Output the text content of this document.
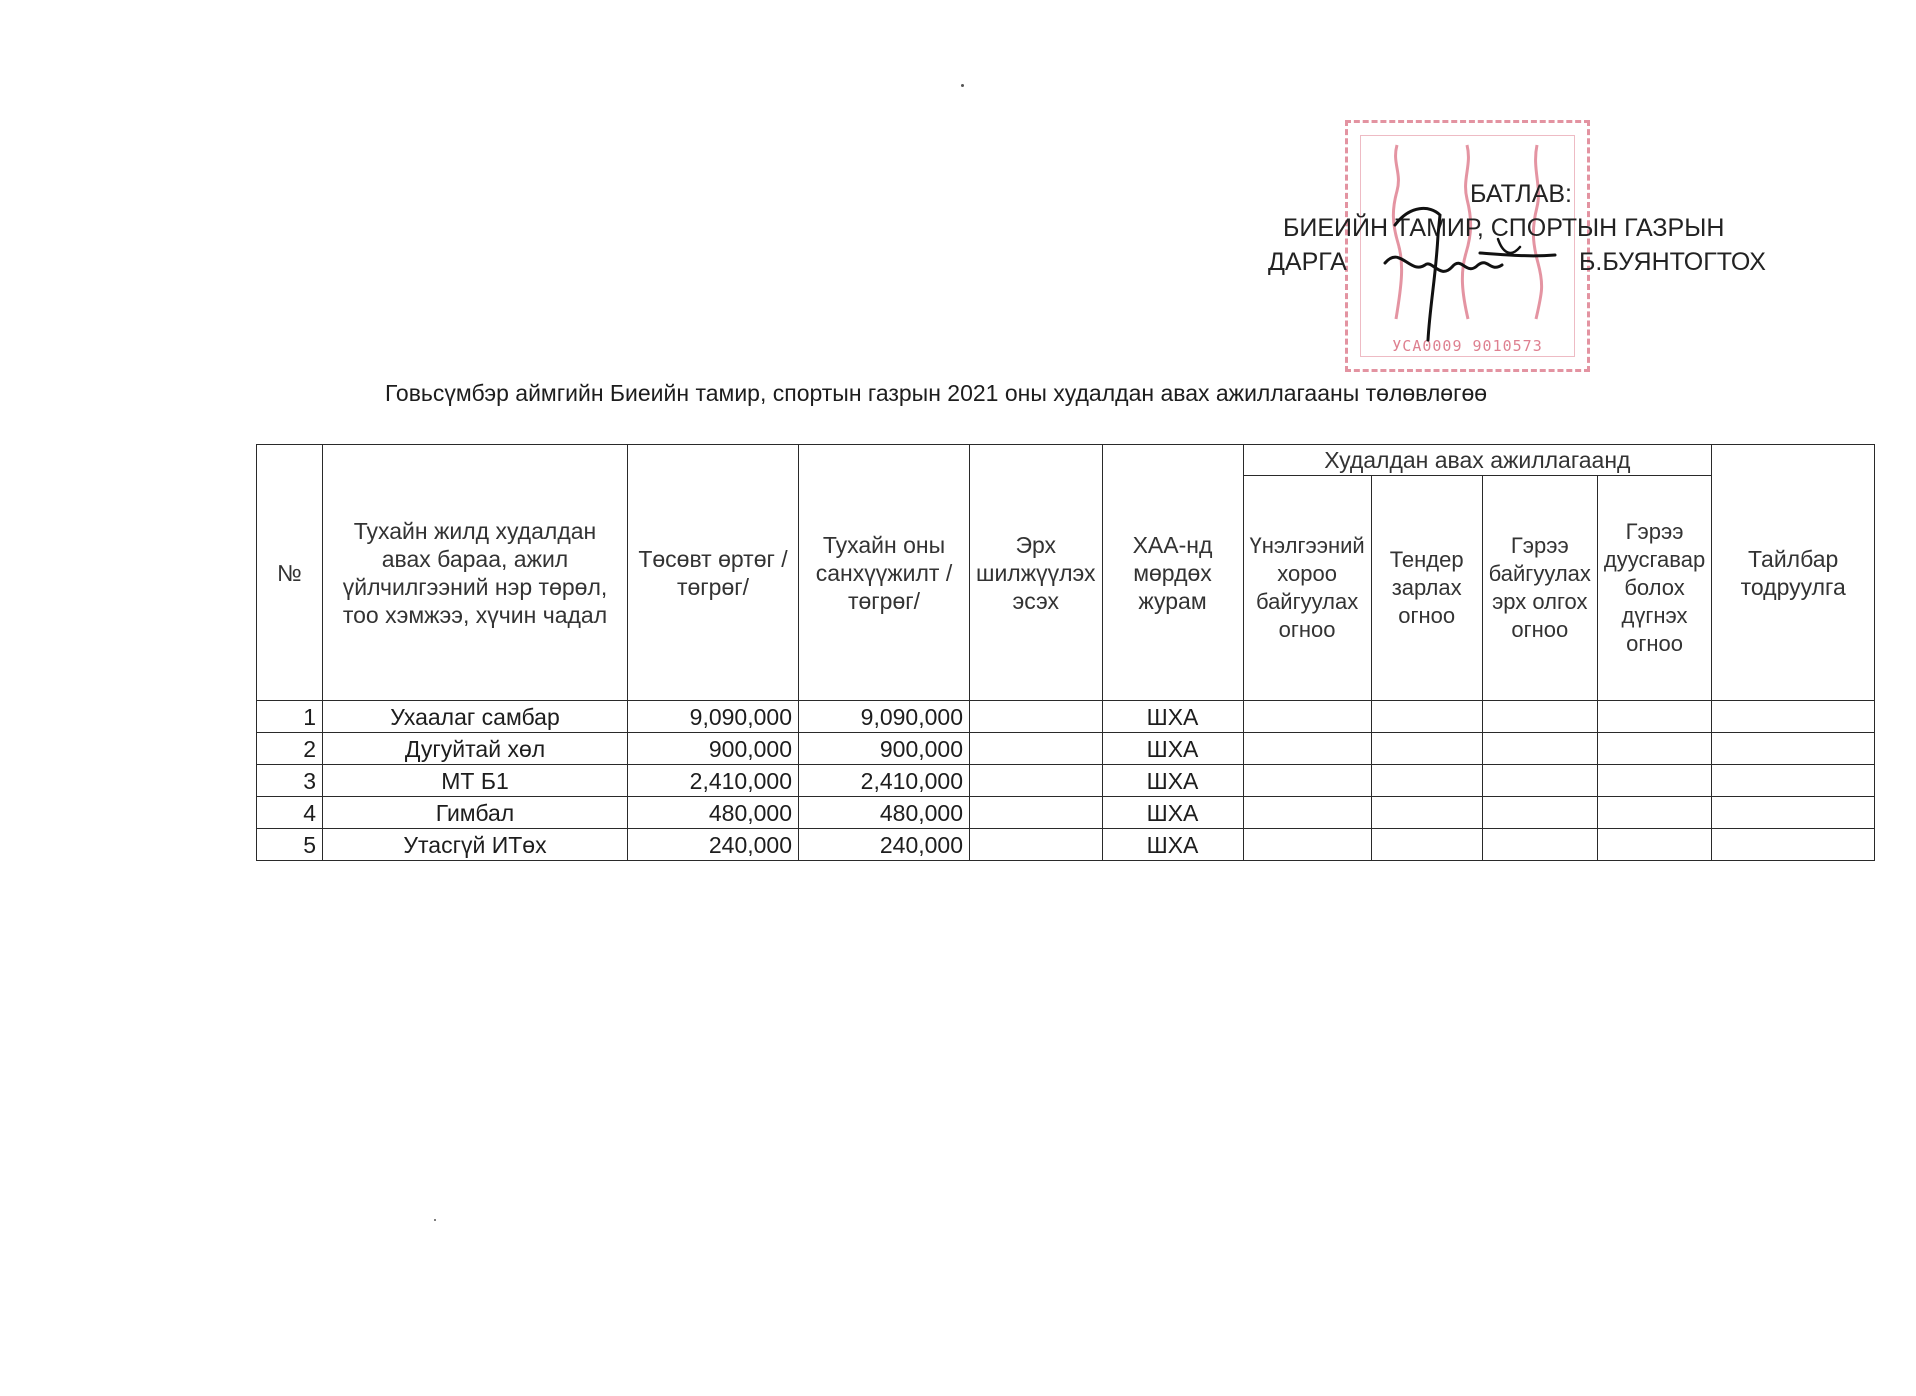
УСА0009 9010573
БАТЛАВ:
БИЕИЙН ТАМИР, СПОРТЫН ГАЗРЫН
ДАРГА	Б.БУЯНТОГТОХ
Говьсүмбэр аймгийн Биеийн тамир, спортын газрын 2021 оны худалдан авах ажиллагааны төлөвлөгөө
№	Тухайн жилд худалдан авах бараа, ажил үйлчилгээний нэр төрөл, тоо хэмжээ, хүчин чадал	Төсөвт өртөг /төгрөг/	Тухайн оны санхүүжилт /төгрөг/	Эрх шилжүүлэх эсэх	ХАА-нд мөрдөх журам	Худалдан авах ажиллагаанд				Тайлбар тодруулга
						Үнэлгээний хороо байгуулах огноо	Тендер зарлах огноо	Гэрээ байгуулах эрх олгох огноо	Гэрээ дуусгавар болох дүгнэх огноо	
1	Ухаалаг самбар	9,090,000	9,090,000		ШХА					
2	Дугуйтай хөл	900,000	900,000		ШХА					
3	МТ Б1	2,410,000	2,410,000		ШХА					
4	Гимбал	480,000	480,000		ШХА					
5	Утасгүй ИТөх	240,000	240,000		ШХА					
